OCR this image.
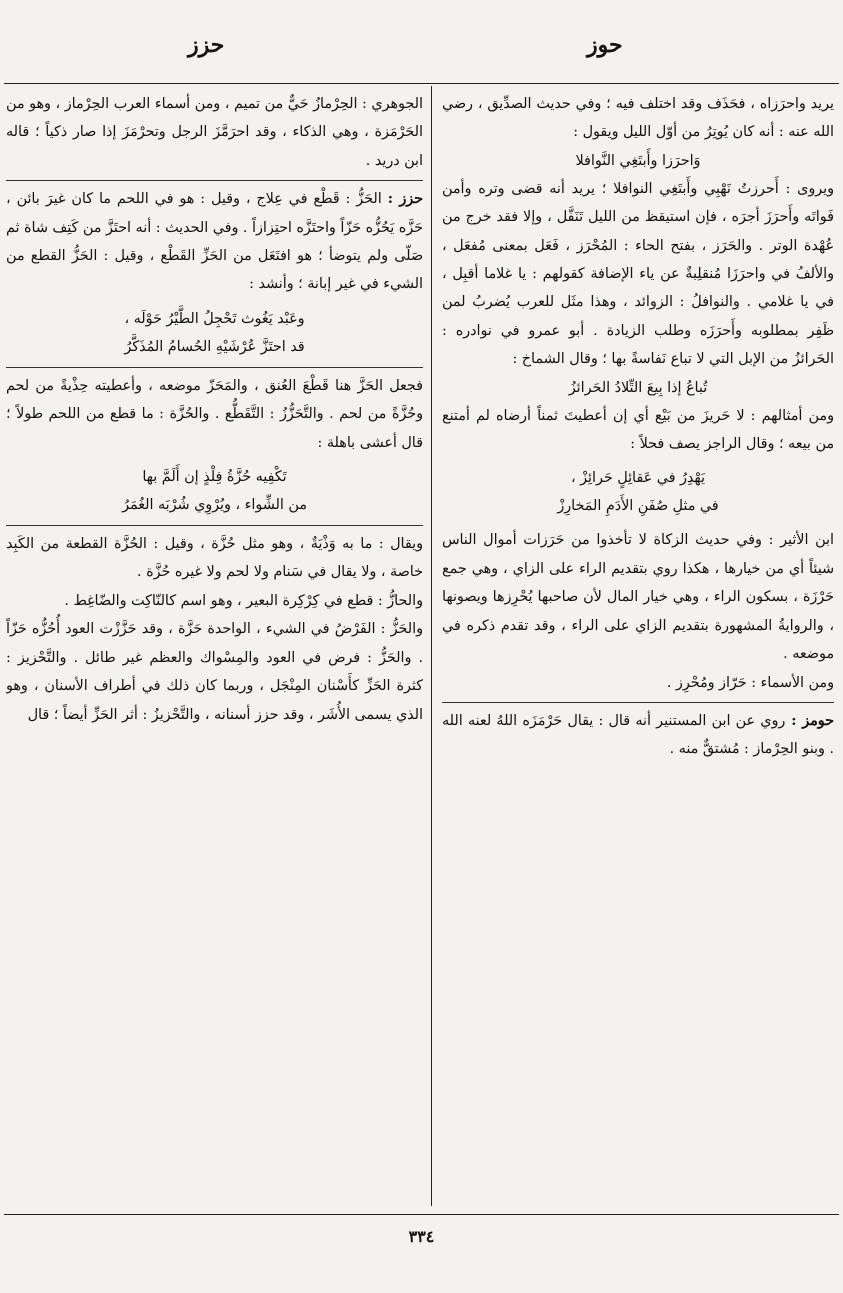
حوز
حزز

يريد واحرَزاه ، فحَذَف وقد اختلف فيه ؛ وفي حديث الصدِّيق ، رضي الله عنه : أنه كان يُوتِرُ من أوّل الليل ويقول :

وَاحرَزا وأَبتَغِي النَّوافلا

ويروى : أَحرزتُ نَهْبِي وأَبتَغِي النوافلا ؛ يريد أنه قضى وتره وأمن فَواتَه وأَحرَزَ أجرَه ، فإن استيقظ من الليل تَنَفَّل ، وإلا فقد خرج من عُهْدة الوتر . والحَرَز ، بفتح الحاء : المُحْرَز ، فَعَل بمعنى مُفعَل ، والألفُ في واحرَزَا مُنقلِبةٌ عن ياء الإضافة كقولهم : يا غلاما أقبِل ، في يا غلامي . والنوافلُ : الزوائد ، وهذا مثَل للعرب يُضربُ لمن ظَفِر بمطلوبه وأَحرَزَه وطلب الزيادة . أبو عمرو في نوادره : الحَرائزُ من الإبل التي لا تباع نَفاسةً بها ؛ وقال الشماخ :

تُباعُ إذا بِيعَ التِّلادُ الحَرائزُ

ومن أمثالهم : لا حَريزَ من بَيْع أي إن أعطيتَ ثمناً أرضاه لم أمتنع من بيعه ؛ وقال الراجز يصف فحلاً :

يَهْدِرُ في عَقائِلٍ حَرائِزْ ،
في مثلِ صُفَنِ الأَدَمِ المَخارِزْ

ابن الأثير : وفي حديث الزكاة لا تأخذوا من حَرَزات أموال الناس شيئاً أي من خيارها ، هكذا روي بتقديم الراء على الزاي ، وهي جمع حَرْزَة ، بسكون الراء ، وهي خيار المال لأن صاحبها يُحْرِزها ويصونها ، والروايةُ المشهورة بتقديم الزاي على الراء ، وقد تقدم ذكره في موضعه .

ومن الأسماء : حَرّاز ومُحْرِز .

حومز :روي عن ابن المستنير أنه قال : يقال حَرْمَزَه اللهُ لعنه الله . وبنو الحِرْماز : مُشتقٌّ منه .

الجوهري : الحِرْمازُ حَيٌّ من تميم ، ومن أسماء العرب الحِرْماز ، وهو من الحَرْمَزة ، وهي الذكاء ، وقد احرَمَّزَ الرجل وتحرْمَزَ إذا صار ذكياً ؛ قاله ابن دريد .

حزز :الحَزُّ : قَطْع في عِلاج ، وقيل : هو في اللحم ما كان غيرَ بائن ، حَزَّه يَحُزُّه حَزّاً واحتَزَّه احتِزازاً . وفي الحديث : أنه احتَزَّ من كَتِف شاة ثم صَلّى ولم يتوضأ ؛ هو افتَعَل من الحَزِّ القَطْع ، وقيل : الحَزُّ القطع من الشيء في غير إبانة ؛ وأنشد :

وعَبْد يَغُوث تَحْجِلُ الطَّيْرُ حَوْلَه ،
قد احتَزَّ عُرْشَيْهِ الحُسامُ المُذَكَّرُ

فجعل الحَزَّ هنا قَطْعَ العُنق ، والمَحَزّ موضعه ، وأعطيته حِذْيةً من لحم وحُزَّةً من لحم . والتَّحَزُّزُ : التَّقَطُّع . والحُزَّة : ما قطع من اللحم طولاً ؛ قال أعشى باهلة :

تَكْفِيه حُزَّةُ فِلْذٍ إن أَلَمَّ بها
من الشِّواء ، ويُرْوِي شُرْبَه الغُمَرُ

ويقال : ما به وَذْيَةٌ ، وهو مثل حُزَّة ، وقيل : الحُزَّة القطعة من الكَبِد خاصة ، ولا يقال في سَنام ولا لحم ولا غيره حُزَّة .

والحازُّ : قطع في كِرْكِرة البعير ، وهو اسم كالنّاكِت والضّاغِط .

والحَزُّ : الفَرْضُ في الشيء ، الواحدة حَزَّة ، وقد حَزَّزْت العود أُحُزُّه حَزّاً . والحَزُّ : فرض في العود والمِسْواك والعظم غير طائل . والتَّحْزيز : كثرة الحَزِّ كأَسْنان المِنْجَل ، وربما كان ذلك في أطراف الأسنان ، وهو الذي يسمى الأُشَر ، وقد حزز أسنانه ، والتَّحْزيزُ : أثر الحَزِّ أيضاً ؛ قال

٣٣٤
